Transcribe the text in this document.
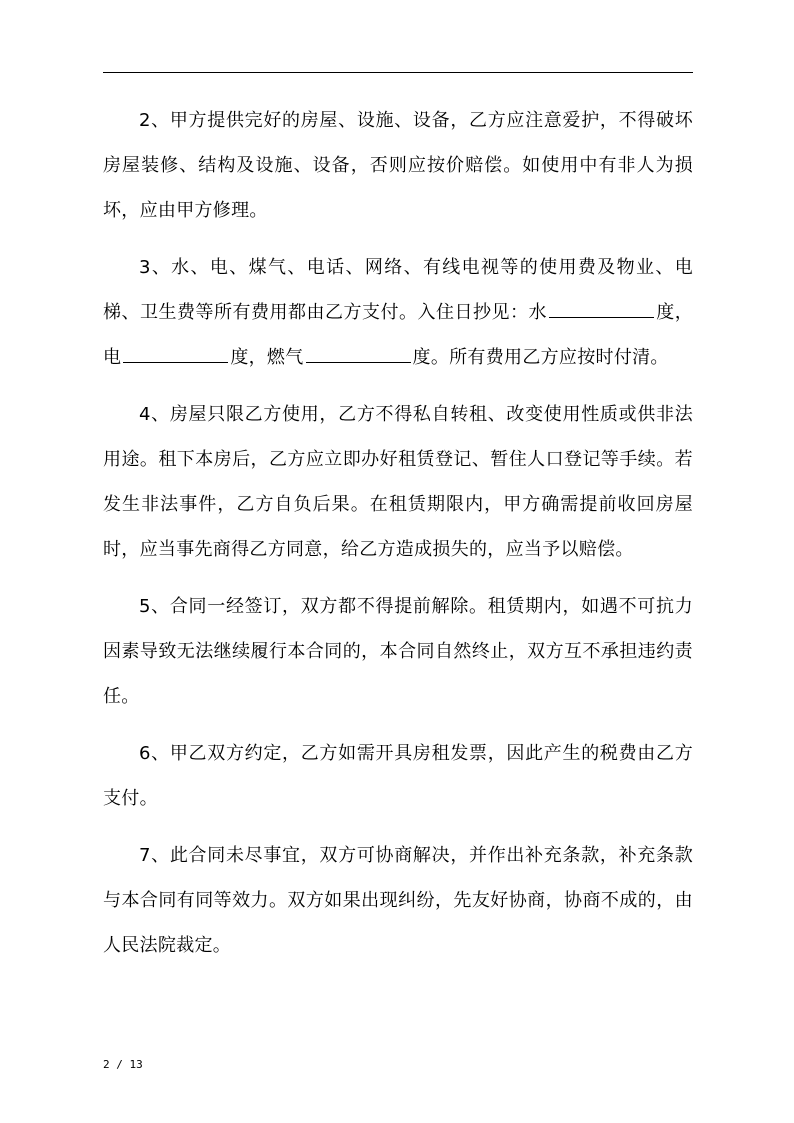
2、甲方提供完好的房屋、设施、设备，乙方应注意爱护，不得破坏房屋装修、结构及设施、设备，否则应按价赔偿。如使用中有非人为损坏，应由甲方修理。

3、水、电、煤气、电话、网络、有线电视等的使用费及物业、电梯、卫生费等所有费用都由乙方支付。入住日抄见：水	度，电	度，燃气	度。所有费用乙方应按时付清。

4、房屋只限乙方使用，乙方不得私自转租、改变使用性质或供非法用途。租下本房后，乙方应立即办好租赁登记、暂住人口登记等手续。若发生非法事件，乙方自负后果。在租赁期限内，甲方确需提前收回房屋时，应当事先商得乙方同意，给乙方造成损失的，应当予以赔偿。

5、合同一经签订，双方都不得提前解除。租赁期内，如遇不可抗力因素导致无法继续履行本合同的，本合同自然终止，双方互不承担违约责任。

6、甲乙双方约定，乙方如需开具房租发票，因此产生的税费由乙方支付。

7、此合同未尽事宜，双方可协商解决，并作出补充条款，补充条款与本合同有同等效力。双方如果出现纠纷，先友好协商，协商不成的，由人民法院裁定。

2 / 13
